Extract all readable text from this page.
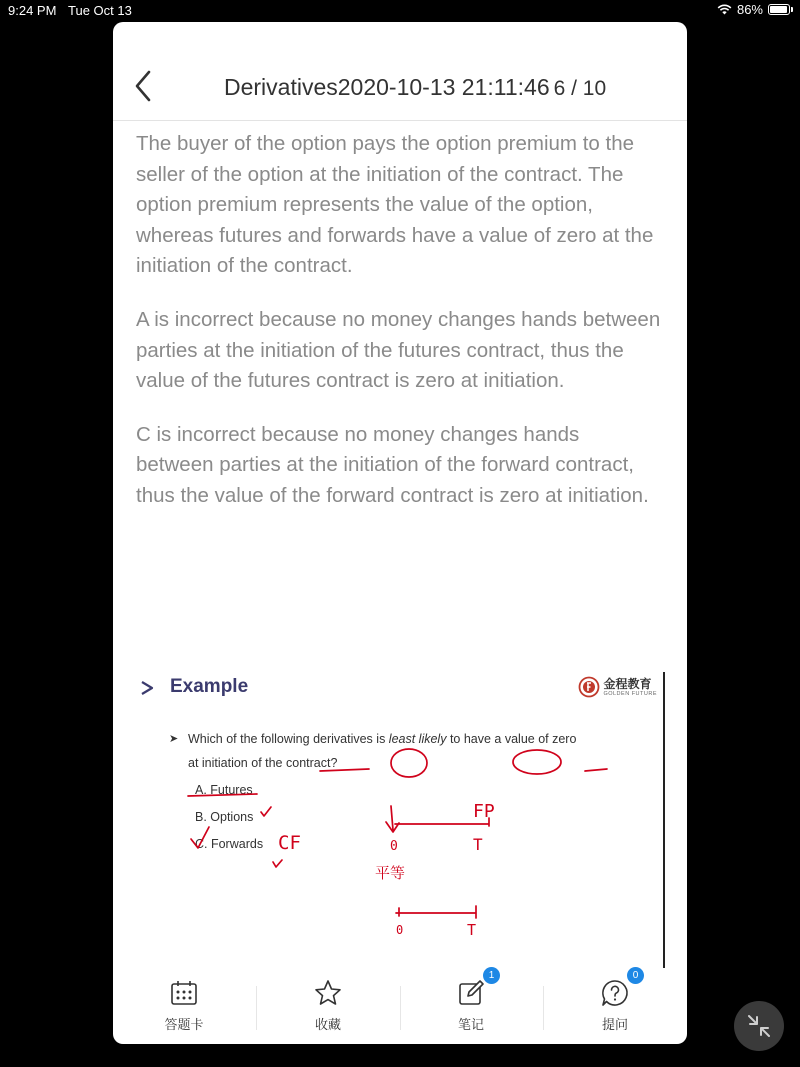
9:24 PM Tue Oct 13	86%
Derivatives2020-10-13 21:11:46 6 / 10

The buyer of the option pays the option premium to the seller of the option at the initiation of the contract. The option premium represents the value of the option, whereas futures and forwards have a value of zero at the initiation of the contract.

A is incorrect because no money changes hands between parties at the initiation of the futures contract, thus the value of the futures contract is zero at initiation.

C is incorrect because no money changes hands between parties at the initiation of the forward contract, thus the value of the forward contract is zero at initiation.

Example	金程教育
GOLDEN FUTURE
➤ Which of the following derivatives is least likely to have a value of zero
at initiation of the contract?
A. Futures
B. Options
C. Forwards CF
FP
0	T
平等
0	T
答题卡	收藏
1
笔记
0
提问
